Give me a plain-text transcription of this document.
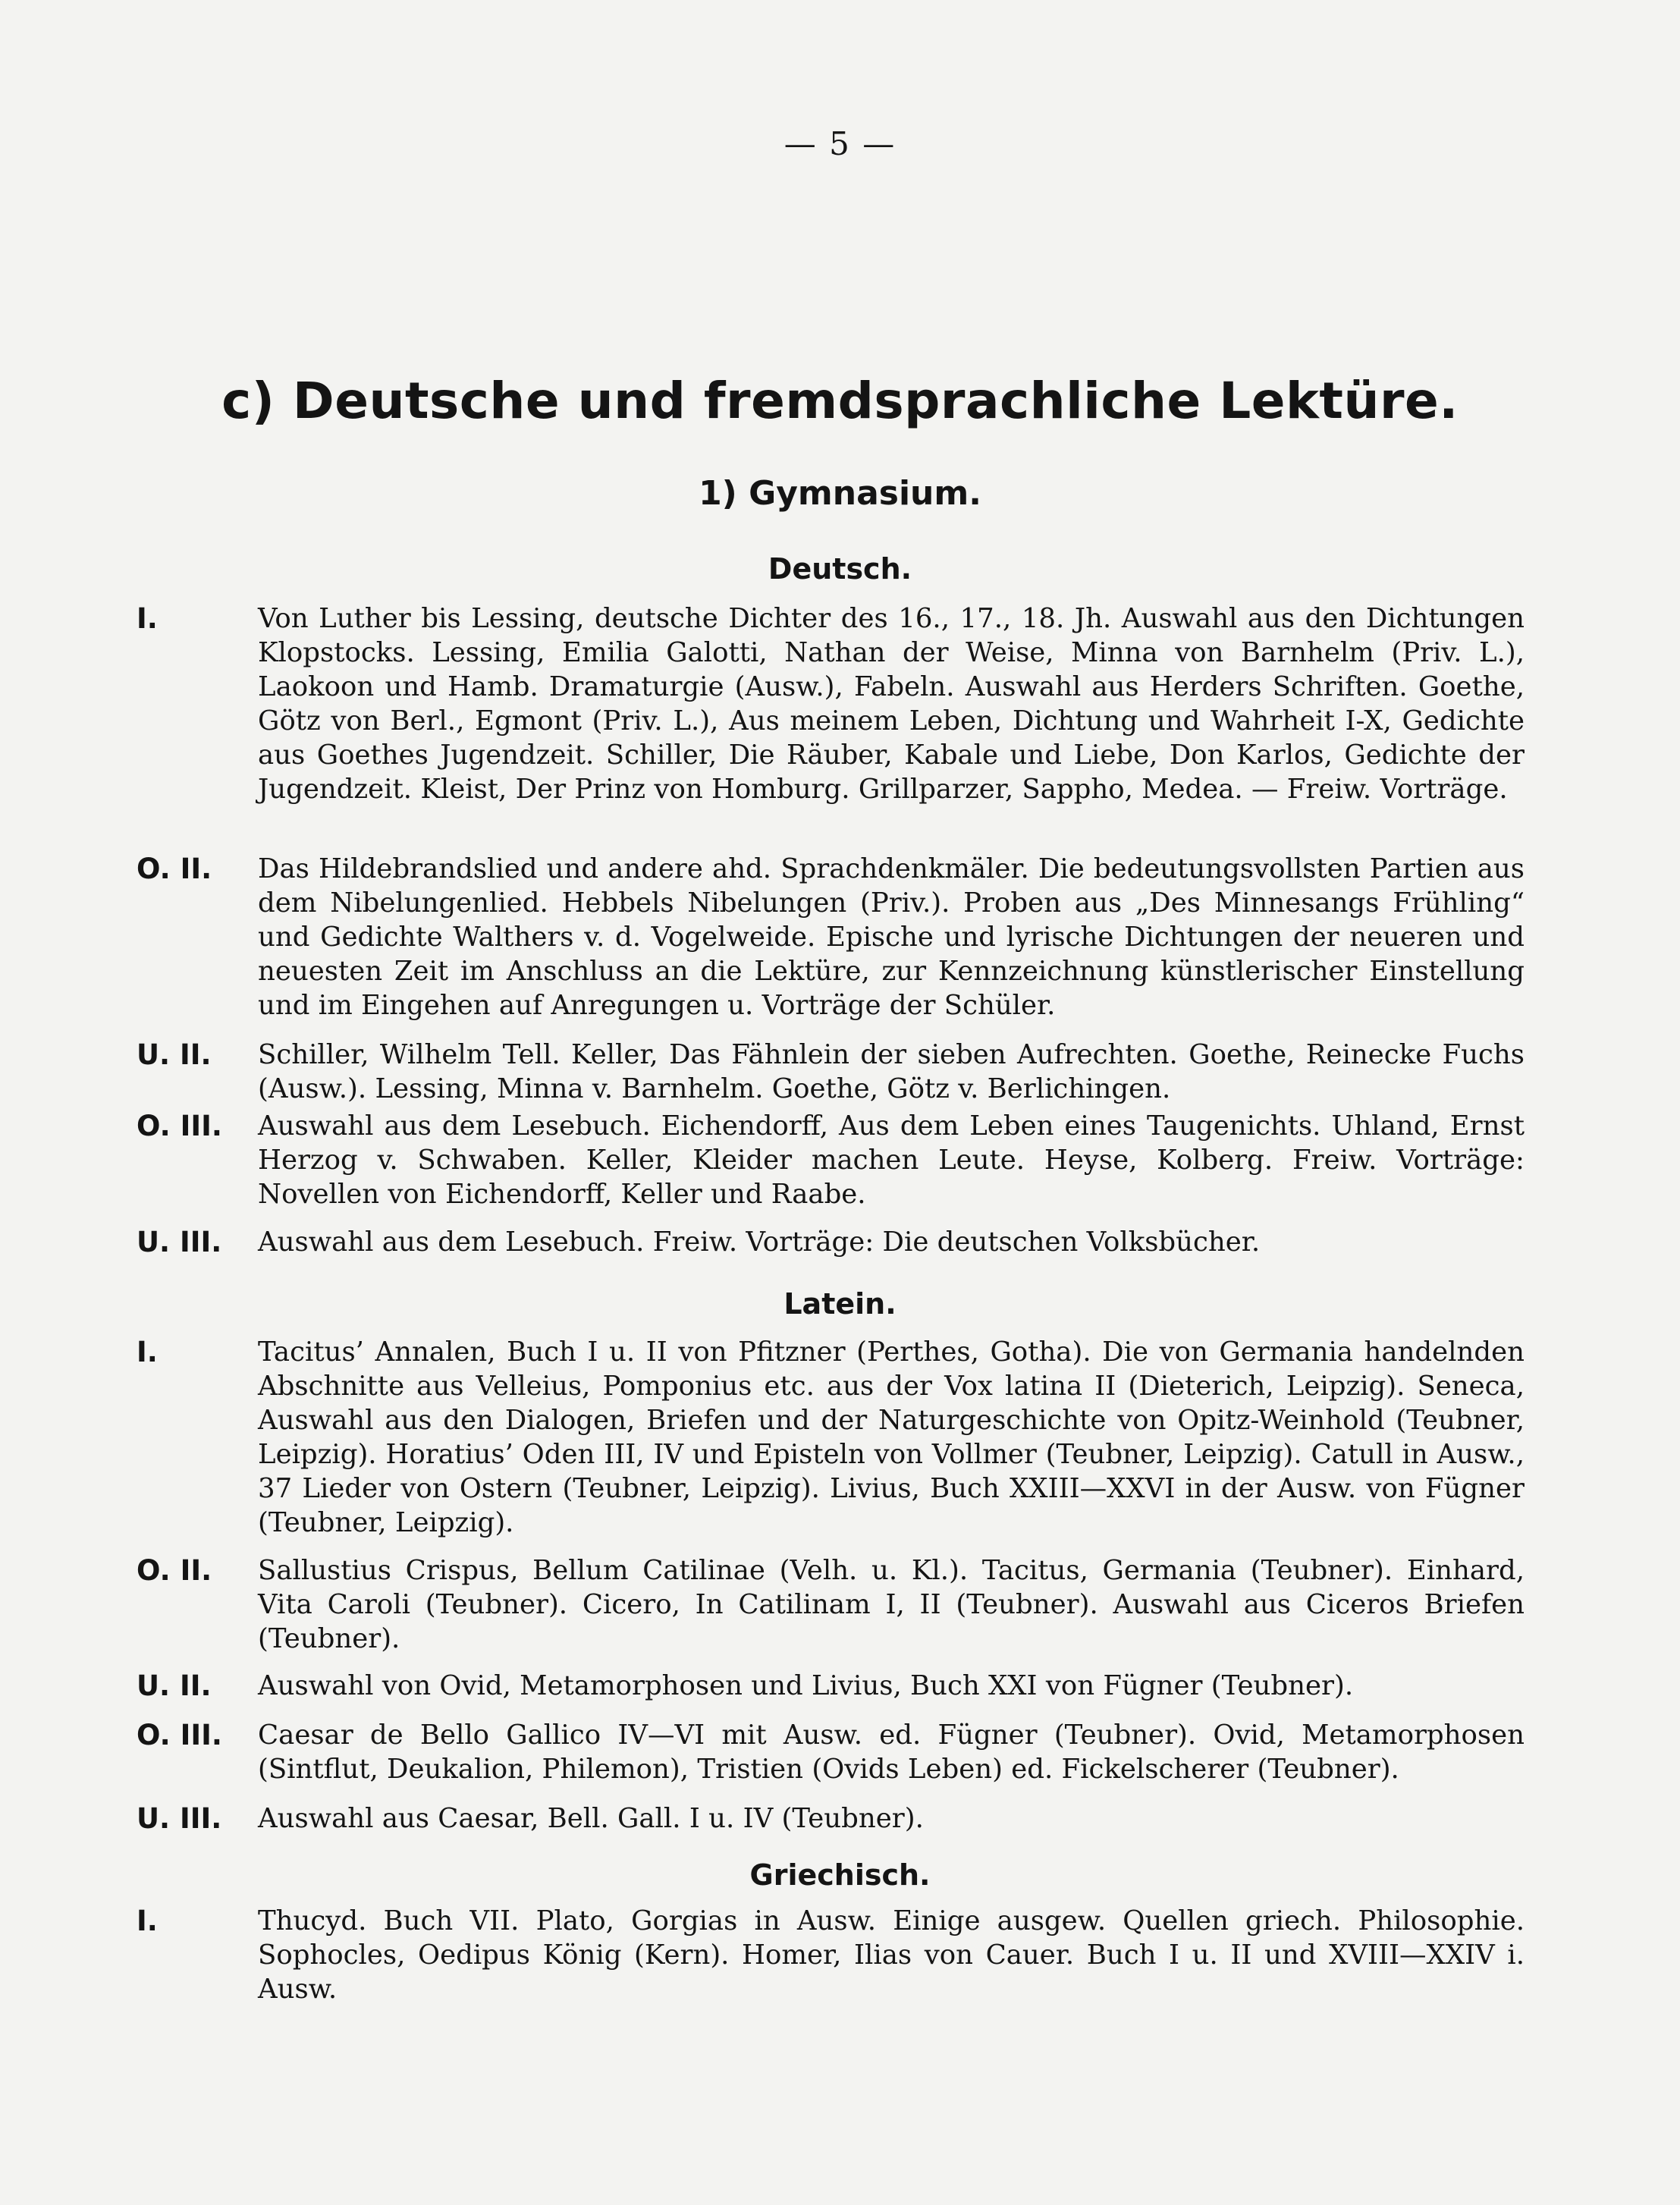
— 5 —
c) Deutsche und fremdsprachliche Lektüre.
1) Gymnasium.
Deutsch.
I.	Von Luther bis Lessing, deutsche Dichter des 16., 17., 18. Jh. Auswahl aus den Dichtungen Klopstocks. Lessing, Emilia Galotti, Nathan der Weise, Minna von Barnhelm (Priv. L.), Laokoon und Hamb. Dramaturgie (Ausw.), Fabeln. Auswahl aus Herders Schriften. Goethe, Götz von Berl., Egmont (Priv. L.), Aus meinem Leben, Dichtung und Wahrheit I-X, Gedichte aus Goethes Jugendzeit. Schiller, Die Räuber, Kabale und Liebe, Don Karlos, Gedichte der Jugendzeit. Kleist, Der Prinz von Homburg. Grillparzer, Sappho, Medea. — Freiw. Vorträge.
O. II. Das Hildebrandslied und andere ahd. Sprachdenkmäler. Die bedeutungsvollsten Partien aus dem Nibelungenlied. Hebbels Nibelungen (Priv.). Proben aus „Des Minnesangs Frühling“ und Gedichte Walthers v. d. Vogelweide. Epische und lyrische Dichtungen der neueren und neuesten Zeit im Anschluss an die Lektüre, zur Kennzeichnung künstlerischer Einstellung und im Eingehen auf Anregungen u. Vorträge der Schüler.
U. II. Schiller, Wilhelm Tell. Keller, Das Fähnlein der sieben Aufrechten. Goethe, Reinecke Fuchs (Ausw.). Lessing, Minna v. Barnhelm. Goethe, Götz v. Berlichingen.
O. III. Auswahl aus dem Lesebuch. Eichendorff, Aus dem Leben eines Taugenichts. Uhland, Ernst Herzog v. Schwaben. Keller, Kleider machen Leute. Heyse, Kolberg. Freiw. Vorträge: Novellen von Eichendorff, Keller und Raabe.
U. III. Auswahl aus dem Lesebuch. Freiw. Vorträge: Die deutschen Volksbücher.
Latein.
I.	Tacitus’ Annalen, Buch I u. II von Pfitzner (Perthes, Gotha). Die von Germania handelnden Abschnitte aus Velleius, Pomponius etc. aus der Vox latina II (Dieterich, Leipzig). Seneca, Auswahl aus den Dialogen, Briefen und der Naturgeschichte von Opitz-Weinhold (Teubner, Leipzig). Horatius’ Oden III, IV und Episteln von Vollmer (Teubner, Leipzig). Catull in Ausw., 37 Lieder von Ostern (Teubner, Leipzig). Livius, Buch XXIII—XXVI in der Ausw. von Fügner (Teubner, Leipzig).
O. II. Sallustius Crispus, Bellum Catilinae (Velh. u. Kl.). Tacitus, Germania (Teubner). Einhard, Vita Caroli (Teubner). Cicero, In Catilinam I, II (Teubner). Auswahl aus Ciceros Briefen (Teubner).
U. II. Auswahl von Ovid, Metamorphosen und Livius, Buch XXI von Fügner (Teubner).
O. III. Caesar de Bello Gallico IV—VI mit Ausw. ed. Fügner (Teubner). Ovid, Metamorphosen (Sintflut, Deukalion, Philemon), Tristien (Ovids Leben) ed. Fickelscherer (Teubner).
U. III. Auswahl aus Caesar, Bell. Gall. I u. IV (Teubner).
Griechisch.
I.	Thucyd. Buch VII. Plato, Gorgias in Ausw. Einige ausgew. Quellen griech. Philosophie. Sophocles, Oedipus König (Kern). Homer, Ilias von Cauer. Buch I u. II und XVIII—XXIV i. Ausw.
